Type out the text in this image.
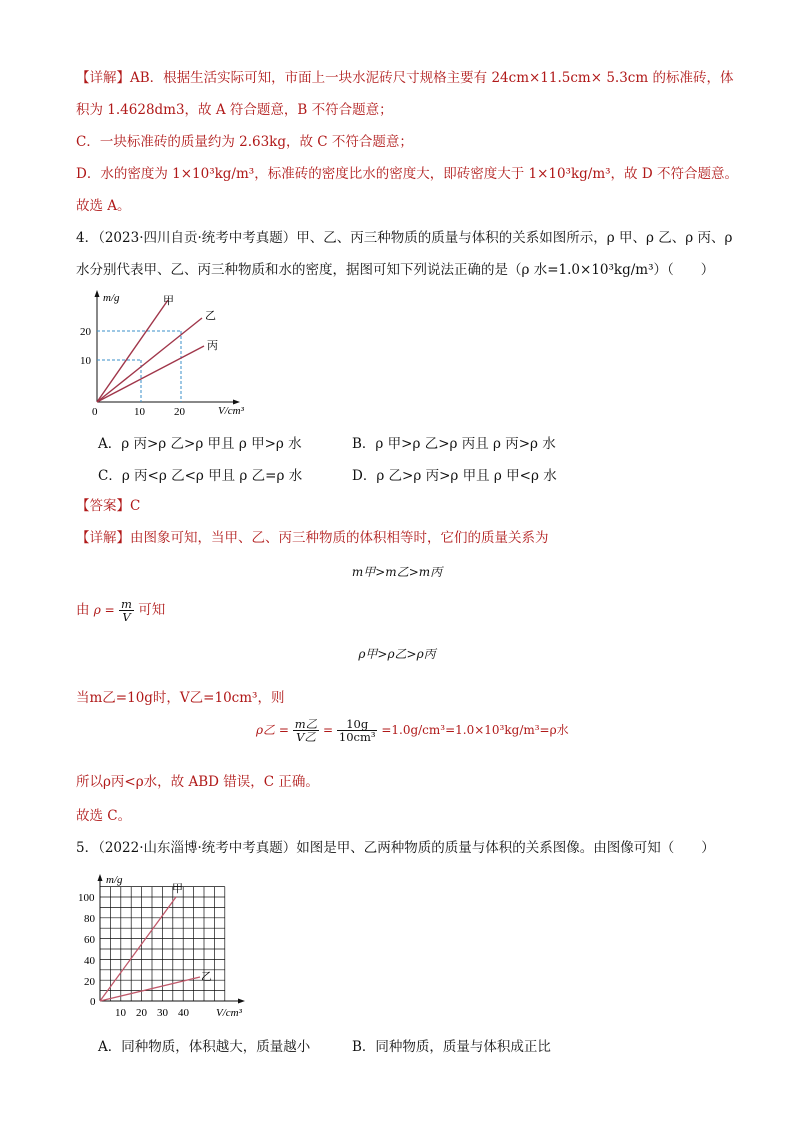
【详解】AB．根据生活实际可知，市面上一块水泥砖尺寸规格主要有 24cm×11.5cm× 5.3cm 的标准砖，体
积为 1.4628dm3，故 A 符合题意，B 不符合题意；
C．一块标准砖的质量约为 2.63kg，故 C 不符合题意；
D．水的密度为 1×10³kg/m³，标准砖的密度比水的密度大，即砖密度大于 1×10³kg/m³，故 D 不符合题意。
故选 A。
4．（2023·四川自贡·统考中考真题）甲、乙、丙三种物质的质量与体积的关系如图所示，ρ 甲、ρ 乙、ρ 丙、ρ
水分别代表甲、乙、丙三种物质和水的密度，据图可知下列说法正确的是（ρ 水=1.0×10³kg/m³）（　　）
m/g
V/cm³
0
10
20
10	20
甲
乙
丙
A．ρ 丙>ρ 乙>ρ 甲且 ρ 甲>ρ 水	B．ρ 甲>ρ 乙>ρ 丙且 ρ 丙>ρ 水
C．ρ 丙<ρ 乙<ρ 甲且 ρ 乙=ρ 水	D．ρ 乙>ρ 丙>ρ 甲且 ρ 甲<ρ 水
【答案】C
【详解】由图象可知，当甲、乙、丙三种物质的体积相等时，它们的质量关系为
m甲>m乙>m丙
由 $\rho = \frac{m}{V}$ 可知
ρ甲>ρ乙>ρ丙
当m乙=10g时，V乙=10cm³，则
ρ乙 = $\frac{\text{m乙}}{\text{V乙}} = \frac{10g}{\text{10cm³}} =1.0g/cm^3=1.0\times 10^3kg/m^3=\rho$水
所以ρ丙<ρ水，故 ABD 错误，C 正确。
故选 C。
5．（2022·山东淄博·统考中考真题）如图是甲、乙两种物质的质量与体积的关系图像。由图像可知（　　）
m/g
V/cm³
0
20
40
60
80
100
10 20 30 40
甲
乙
A．同种物质，体积越大，质量越小	B．同种物质，质量与体积成正比
